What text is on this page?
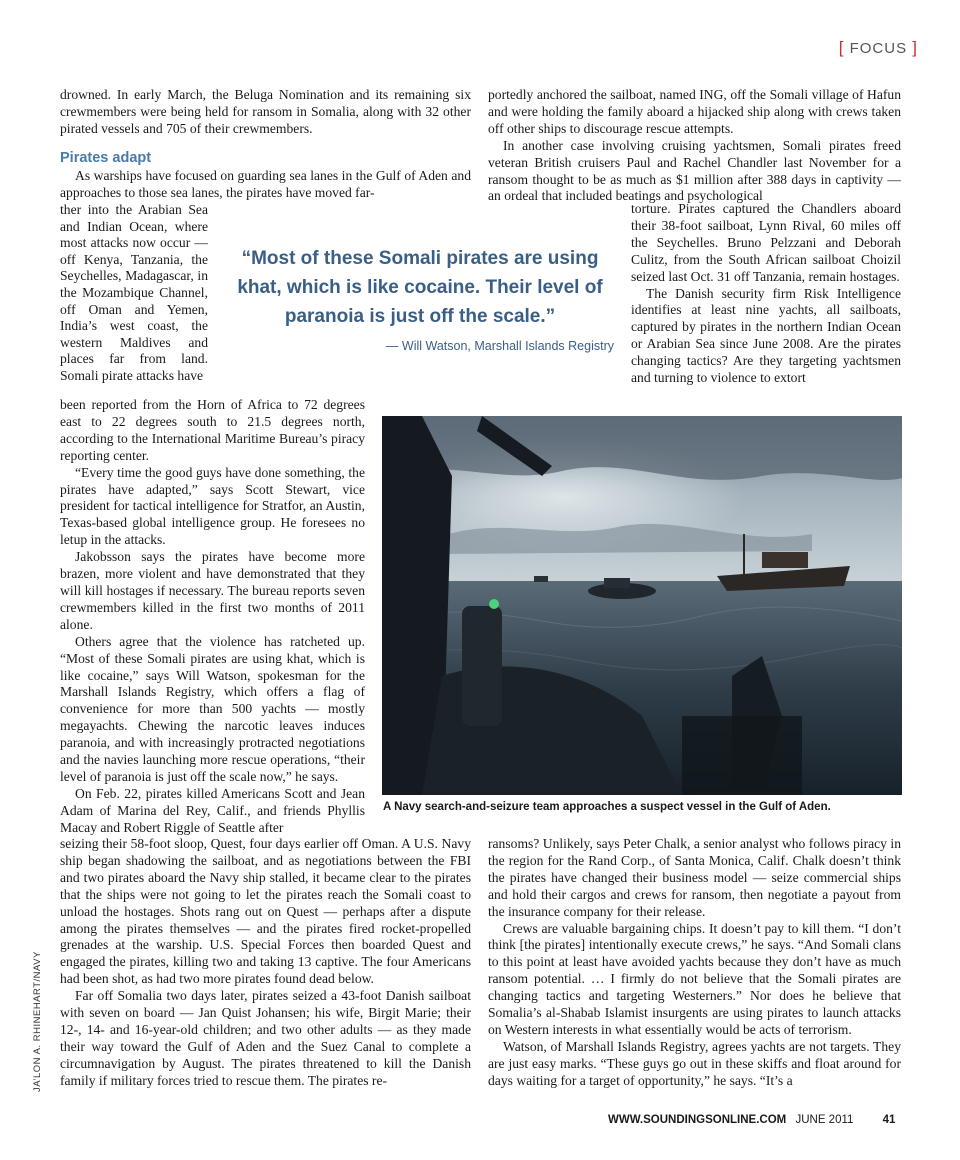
[ FOCUS ]

drowned. In early March, the Beluga Nomination and its remaining six crewmembers were being held for ransom in Somalia, along with 32 other pirated vessels and 705 of their crewmembers.

Pirates adapt

As warships have focused on guarding sea lanes in the Gulf of Aden and approaches to those sea lanes, the pirates have moved far-

ther into the Arabian Sea and Indian Ocean, where most attacks now occur — off Kenya, Tanzania, the Seychelles, Madagascar, in the Mozambique Channel, off Oman and Yemen, India’s west coast, the western Maldives and places far from land. Somali pirate attacks have

“Most of these Somali pirates are using khat, which is like cocaine. Their level of paranoia is just off the scale.”
— Will Watson, Marshall Islands Registry

portedly anchored the sailboat, named ING, off the Somali village of Hafun and were holding the family aboard a hijacked ship along with crews taken off other ships to discourage rescue attempts.

In another case involving cruising yachtsmen, Somali pirates freed veteran British cruisers Paul and Rachel Chandler last November for a ransom thought to be as much as $1 million after 388 days in captivity — an ordeal that included beatings and psychological

torture. Pirates captured the Chandlers aboard their 38-foot sailboat, Lynn Rival, 60 miles off the Seychelles. Bruno Pelzzani and Deborah Culitz, from the South African sailboat Choizil seized last Oct. 31 off Tanzania, remain hostages.

The Danish security firm Risk Intelligence identifies at least nine yachts, all sailboats, captured by pirates in the northern Indian Ocean or Arabian Sea since June 2008. Are the pirates changing tactics? Are they targeting yachtsmen and turning to violence to extort

been reported from the Horn of Africa to 72 degrees east to 22 degrees south to 21.5 degrees north, according to the International Maritime Bureau’s piracy reporting center.

“Every time the good guys have done something, the pirates have adapted,” says Scott Stewart, vice president for tactical intelligence for Stratfor, an Austin, Texas-based global intelligence group. He foresees no letup in the attacks.

Jakobsson says the pirates have become more brazen, more violent and have demonstrated that they will kill hostages if necessary. The bureau reports seven crewmembers killed in the first two months of 2011 alone.

Others agree that the violence has ratcheted up. “Most of these Somali pirates are using khat, which is like cocaine,” says Will Watson, spokesman for the Marshall Islands Registry, which offers a flag of convenience for more than 500 yachts — mostly megayachts. Chewing the narcotic leaves induces paranoia, and with increasingly protracted negotiations and the navies launching more rescue operations, “their level of paranoia is just off the scale now,” he says.

On Feb. 22, pirates killed Americans Scott and Jean Adam of Marina del Rey, Calif., and friends Phyllis Macay and Robert Riggle of Seattle after

A Navy search-and-seizure team approaches a suspect vessel in the Gulf of Aden.

seizing their 58-foot sloop, Quest, four days earlier off Oman. A U.S. Navy ship began shadowing the sailboat, and as negotiations between the FBI and two pirates aboard the Navy ship stalled, it became clear to the pirates that the ships were not going to let the pirates reach the Somali coast to unload the hostages. Shots rang out on Quest — perhaps after a dispute among the pirates themselves — and the pirates fired rocket-propelled grenades at the warship. U.S. Special Forces then boarded Quest and engaged the pirates, killing two and taking 13 captive. The four Americans had been shot, as had two more pirates found dead below.

Far off Somalia two days later, pirates seized a 43-foot Danish sailboat with seven on board — Jan Quist Johansen; his wife, Birgit Marie; their 12-, 14- and 16-year-old children; and two other adults — as they made their way toward the Gulf of Aden and the Suez Canal to complete a circumnavigation by August. The pirates threatened to kill the Danish family if military forces tried to rescue them. The pirates re-

ransoms? Unlikely, says Peter Chalk, a senior analyst who follows piracy in the region for the Rand Corp., of Santa Monica, Calif. Chalk doesn’t think the pirates have changed their business model — seize commercial ships and hold their cargos and crews for ransom, then negotiate a payout from the insurance company for their release.

Crews are valuable bargaining chips. It doesn’t pay to kill them. “I don’t think [the pirates] intentionally execute crews,” he says. “And Somali clans to this point at least have avoided yachts because they don’t have as much ransom potential. … I firmly do not believe that the Somali pirates are changing tactics and targeting Westerners.” Nor does he believe that Somalia’s al-Shabab Islamist insurgents are using pirates to launch attacks on Western interests in what essentially would be acts of terrorism.

Watson, of Marshall Islands Registry, agrees yachts are not targets. They are just easy marks. “These guys go out in these skiffs and float around for days waiting for a target of opportunity,” he says. “It’s a

JA’LON A. RHINEHART/NAVY
WWW.SOUNDINGSONLINE.COM JUNE 2011	41
